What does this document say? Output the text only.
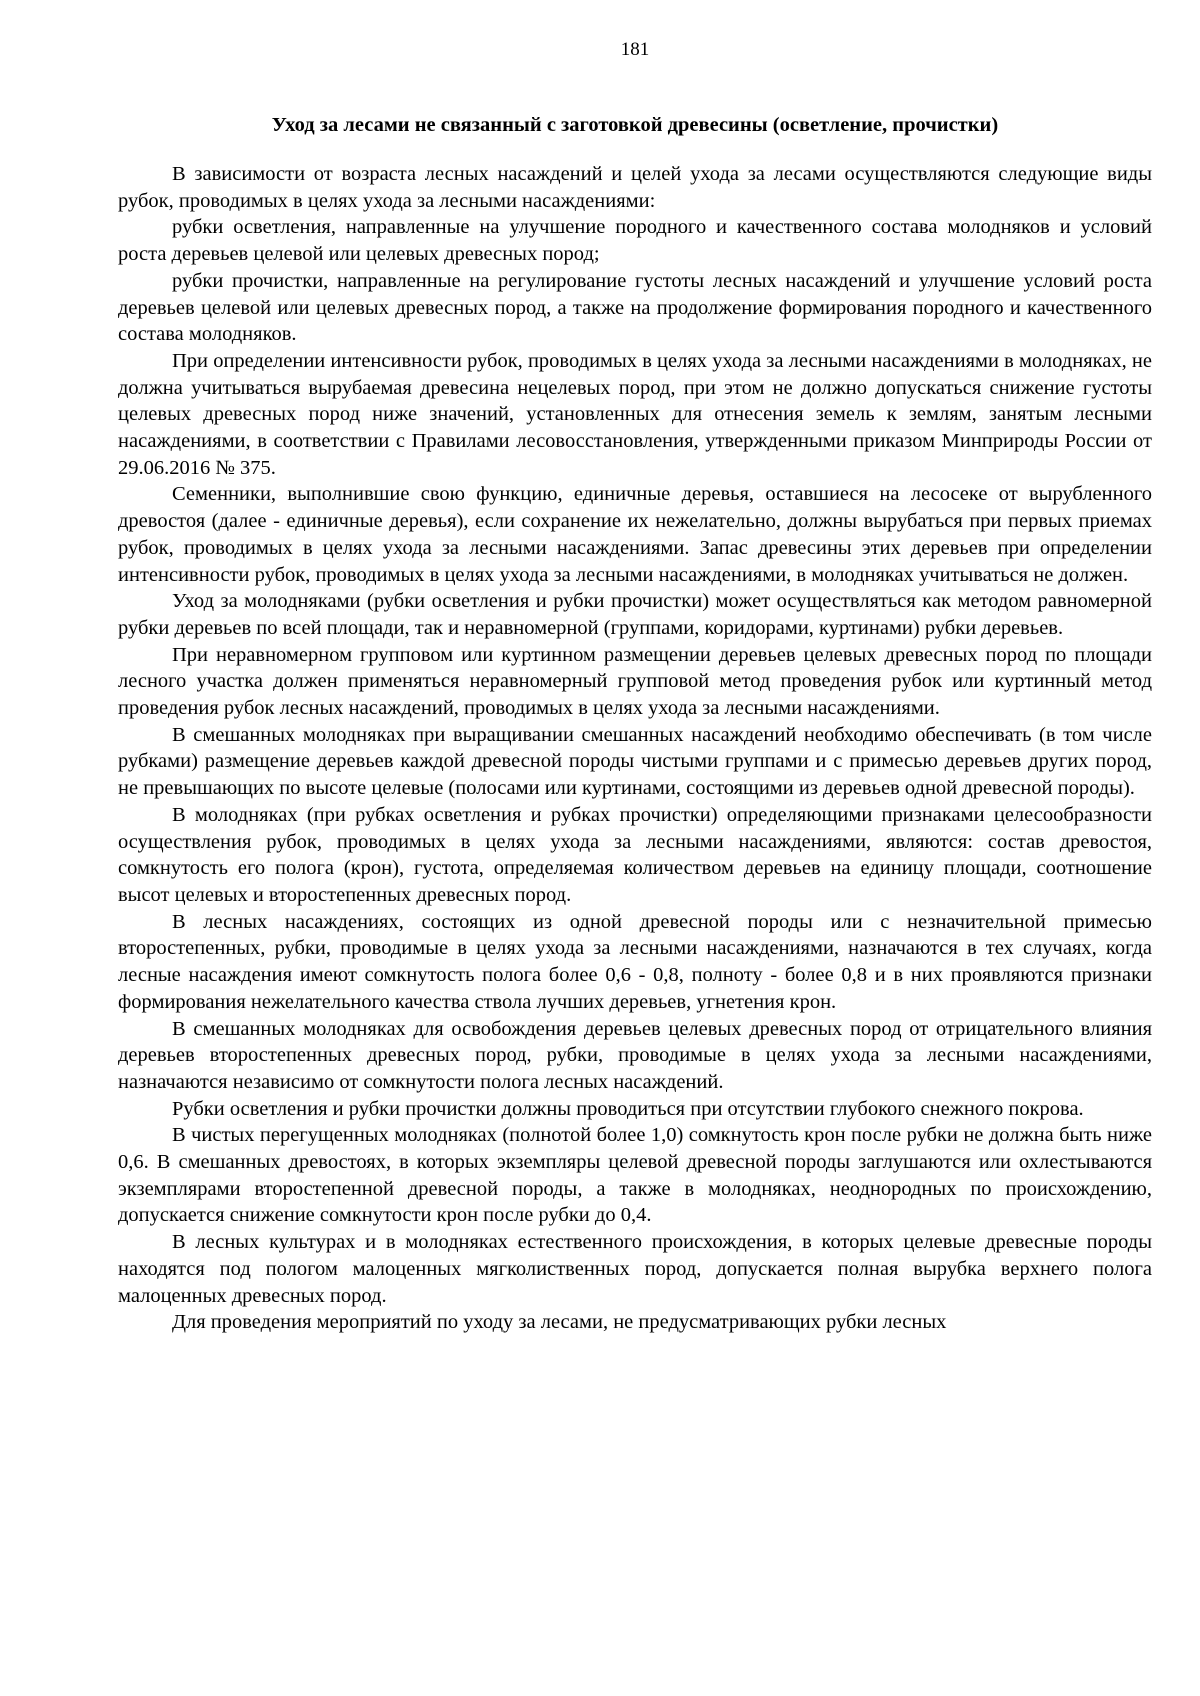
181

Уход за лесами не связанный с заготовкой древесины (осветление, прочистки)

В зависимости от возраста лесных насаждений и целей ухода за лесами осуществляются следующие виды рубок, проводимых в целях ухода за лесными насаждениями:

рубки осветления, направленные на улучшение породного и качественного состава молодняков и условий роста деревьев целевой или целевых древесных пород;

рубки прочистки, направленные на регулирование густоты лесных насаждений и улучшение условий роста деревьев целевой или целевых древесных пород, а также на продолжение формирования породного и качественного состава молодняков.

При определении интенсивности рубок, проводимых в целях ухода за лесными насаждениями в молодняках, не должна учитываться вырубаемая древесина нецелевых пород, при этом не должно допускаться снижение густоты целевых древесных пород ниже значений, установленных для отнесения земель к землям, занятым лесными насаждениями, в соответствии с Правилами лесовосстановления, утвержденными приказом Минприроды России от 29.06.2016 № 375.

Семенники, выполнившие свою функцию, единичные деревья, оставшиеся на лесосеке от вырубленного древостоя (далее - единичные деревья), если сохранение их нежелательно, должны вырубаться при первых приемах рубок, проводимых в целях ухода за лесными насаждениями. Запас древесины этих деревьев при определении интенсивности рубок, проводимых в целях ухода за лесными насаждениями, в молодняках учитываться не должен.

Уход за молодняками (рубки осветления и рубки прочистки) может осуществляться как методом равномерной рубки деревьев по всей площади, так и неравномерной (группами, коридорами, куртинами) рубки деревьев.

При неравномерном групповом или куртинном размещении деревьев целевых древесных пород по площади лесного участка должен применяться неравномерный групповой метод проведения рубок или куртинный метод проведения рубок лесных насаждений, проводимых в целях ухода за лесными насаждениями.

В смешанных молодняках при выращивании смешанных насаждений необходимо обеспечивать (в том числе рубками) размещение деревьев каждой древесной породы чистыми группами и с примесью деревьев других пород, не превышающих по высоте целевые (полосами или куртинами, состоящими из деревьев одной древесной породы).

В молодняках (при рубках осветления и рубках прочистки) определяющими признаками целесообразности осуществления рубок, проводимых в целях ухода за лесными насаждениями, являются: состав древостоя, сомкнутость его полога (крон), густота, определяемая количеством деревьев на единицу площади, соотношение высот целевых и второстепенных древесных пород.

В лесных насаждениях, состоящих из одной древесной породы или с незначительной примесью второстепенных, рубки, проводимые в целях ухода за лесными насаждениями, назначаются в тех случаях, когда лесные насаждения имеют сомкнутость полога более 0,6 - 0,8, полноту - более 0,8 и в них проявляются признаки формирования нежелательного качества ствола лучших деревьев, угнетения крон.

В смешанных молодняках для освобождения деревьев целевых древесных пород от отрицательного влияния деревьев второстепенных древесных пород, рубки, проводимые в целях ухода за лесными насаждениями, назначаются независимо от сомкнутости полога лесных насаждений.

Рубки осветления и рубки прочистки должны проводиться при отсутствии глубокого снежного покрова.

В чистых перегущенных молодняках (полнотой более 1,0) сомкнутость крон после рубки не должна быть ниже 0,6. В смешанных древостоях, в которых экземпляры целевой древесной породы заглушаются или охлестываются экземплярами второстепенной древесной породы, а также в молодняках, неоднородных по происхождению, допускается снижение сомкнутости крон после рубки до 0,4.

В лесных культурах и в молодняках естественного происхождения, в которых целевые древесные породы находятся под пологом малоценных мягколиственных пород, допускается полная вырубка верхнего полога малоценных древесных пород.

Для проведения мероприятий по уходу за лесами, не предусматривающих рубки лесных
